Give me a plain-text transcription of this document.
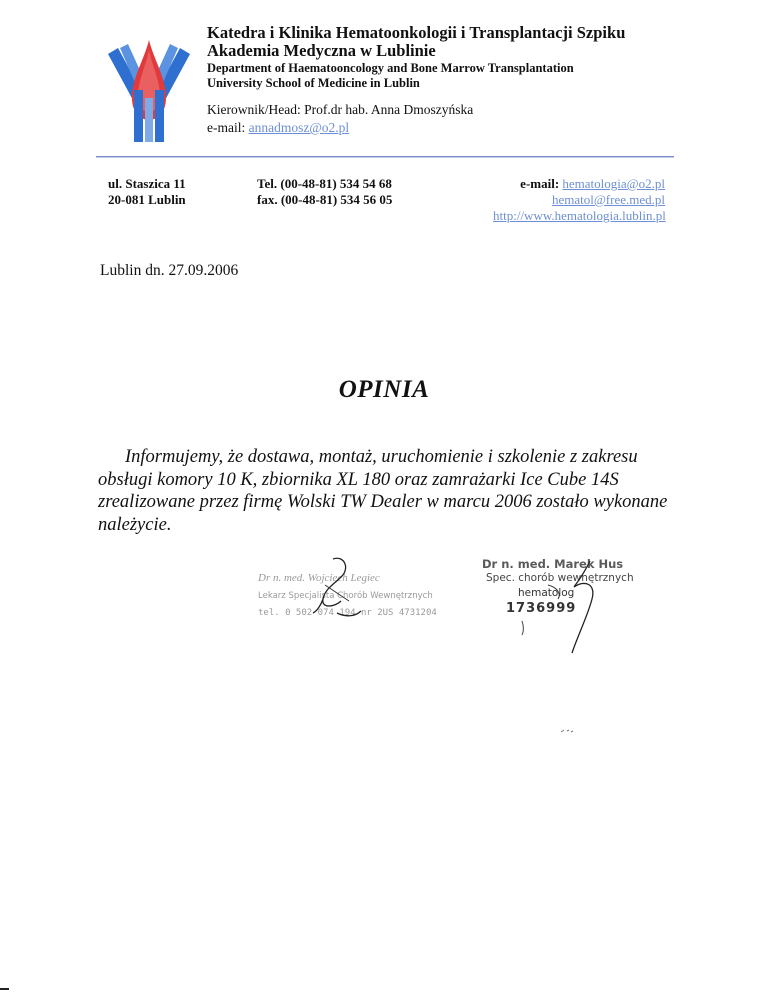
Katedra i Klinika Hematoonkologii i Transplantacji Szpiku
Akademia Medyczna w Lublinie
Department of Haematooncology and Bone Marrow Transplantation
University School of Medicine in Lublin
Kierownik/Head: Prof.dr hab. Anna Dmoszyńska
e-mail: annadmosz@o2.pl
ul. Staszica 11
20-081 Lublin
Tel. (00-48-81) 534 54 68
fax. (00-48-81) 534 56 05
e-mail: hematologia@o2.pl
hematol@free.med.pl
http://www.hematologia.lublin.pl
Lublin dn. 27.09.2006
OPINIA

Informujemy, że dostawa, montaż, uruchomienie i szkolenie z zakresu obsługi komory 10 K, zbiornika XL 180 oraz zamrażarki Ice Cube 14S zrealizowane przez firmę Wolski TW Dealer w marcu 2006 zostało wykonane należycie.

Dr n. med. Wojciech Legiec
Lekarz Specjalista Chorób Wewnętrznych
tel. 0 502 074 194 nr 2US 4731204
Dr n. med. Marek Hus
Spec. chorób wewnętrznych
hematolog
1736999
